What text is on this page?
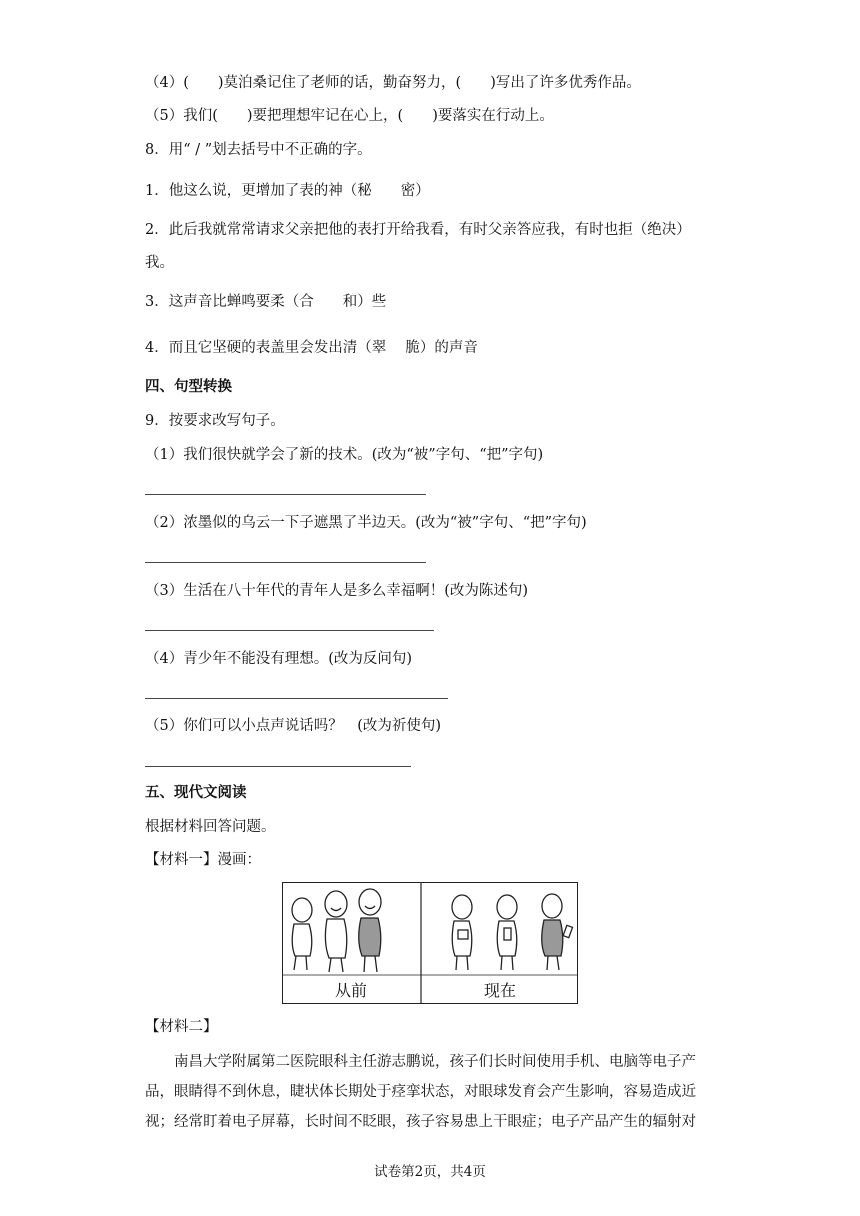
（4）(　　)莫泊桑记住了老师的话，勤奋努力，(　　)写出了许多优秀作品。
（5）我们(　　)要把理想牢记在心上，(　　)要落实在行动上。
8．用“ / ”划去括号中不正确的字。
1．他这么说，更增加了表的神（秘　　密）
2．此后我就常常请求父亲把他的表打开给我看，有时父亲答应我，有时也拒（绝决）
我。
3．这声音比蝉鸣要柔（合　　和）些
4．而且它坚硬的表盖里会发出清（翠　 脆）的声音
四、句型转换
9．按要求改写句子。
（1）我们很快就学会了新的技术。(改为“被”字句、“把”字句)
（2）浓墨似的乌云一下子遮黑了半边天。(改为“被”字句、“把”字句)
（3）生活在八十年代的青年人是多么幸福啊！(改为陈述句)
（4）青少年不能没有理想。(改为反问句)
（5）你们可以小点声说话吗？　(改为祈使句)
五、现代文阅读
根据材料回答问题。
【材料一】漫画：
从前	现在
【材料二】
南昌大学附属第二医院眼科主任游志鹏说，孩子们长时间使用手机、电脑等电子产品，眼睛得不到休息，睫状体长期处于痉挛状态，对眼球发育会产生影响，容易造成近视；经常盯着电子屏幕，长时间不眨眼，孩子容易患上干眼症；电子产品产生的辐射对
试卷第2页，共4页
